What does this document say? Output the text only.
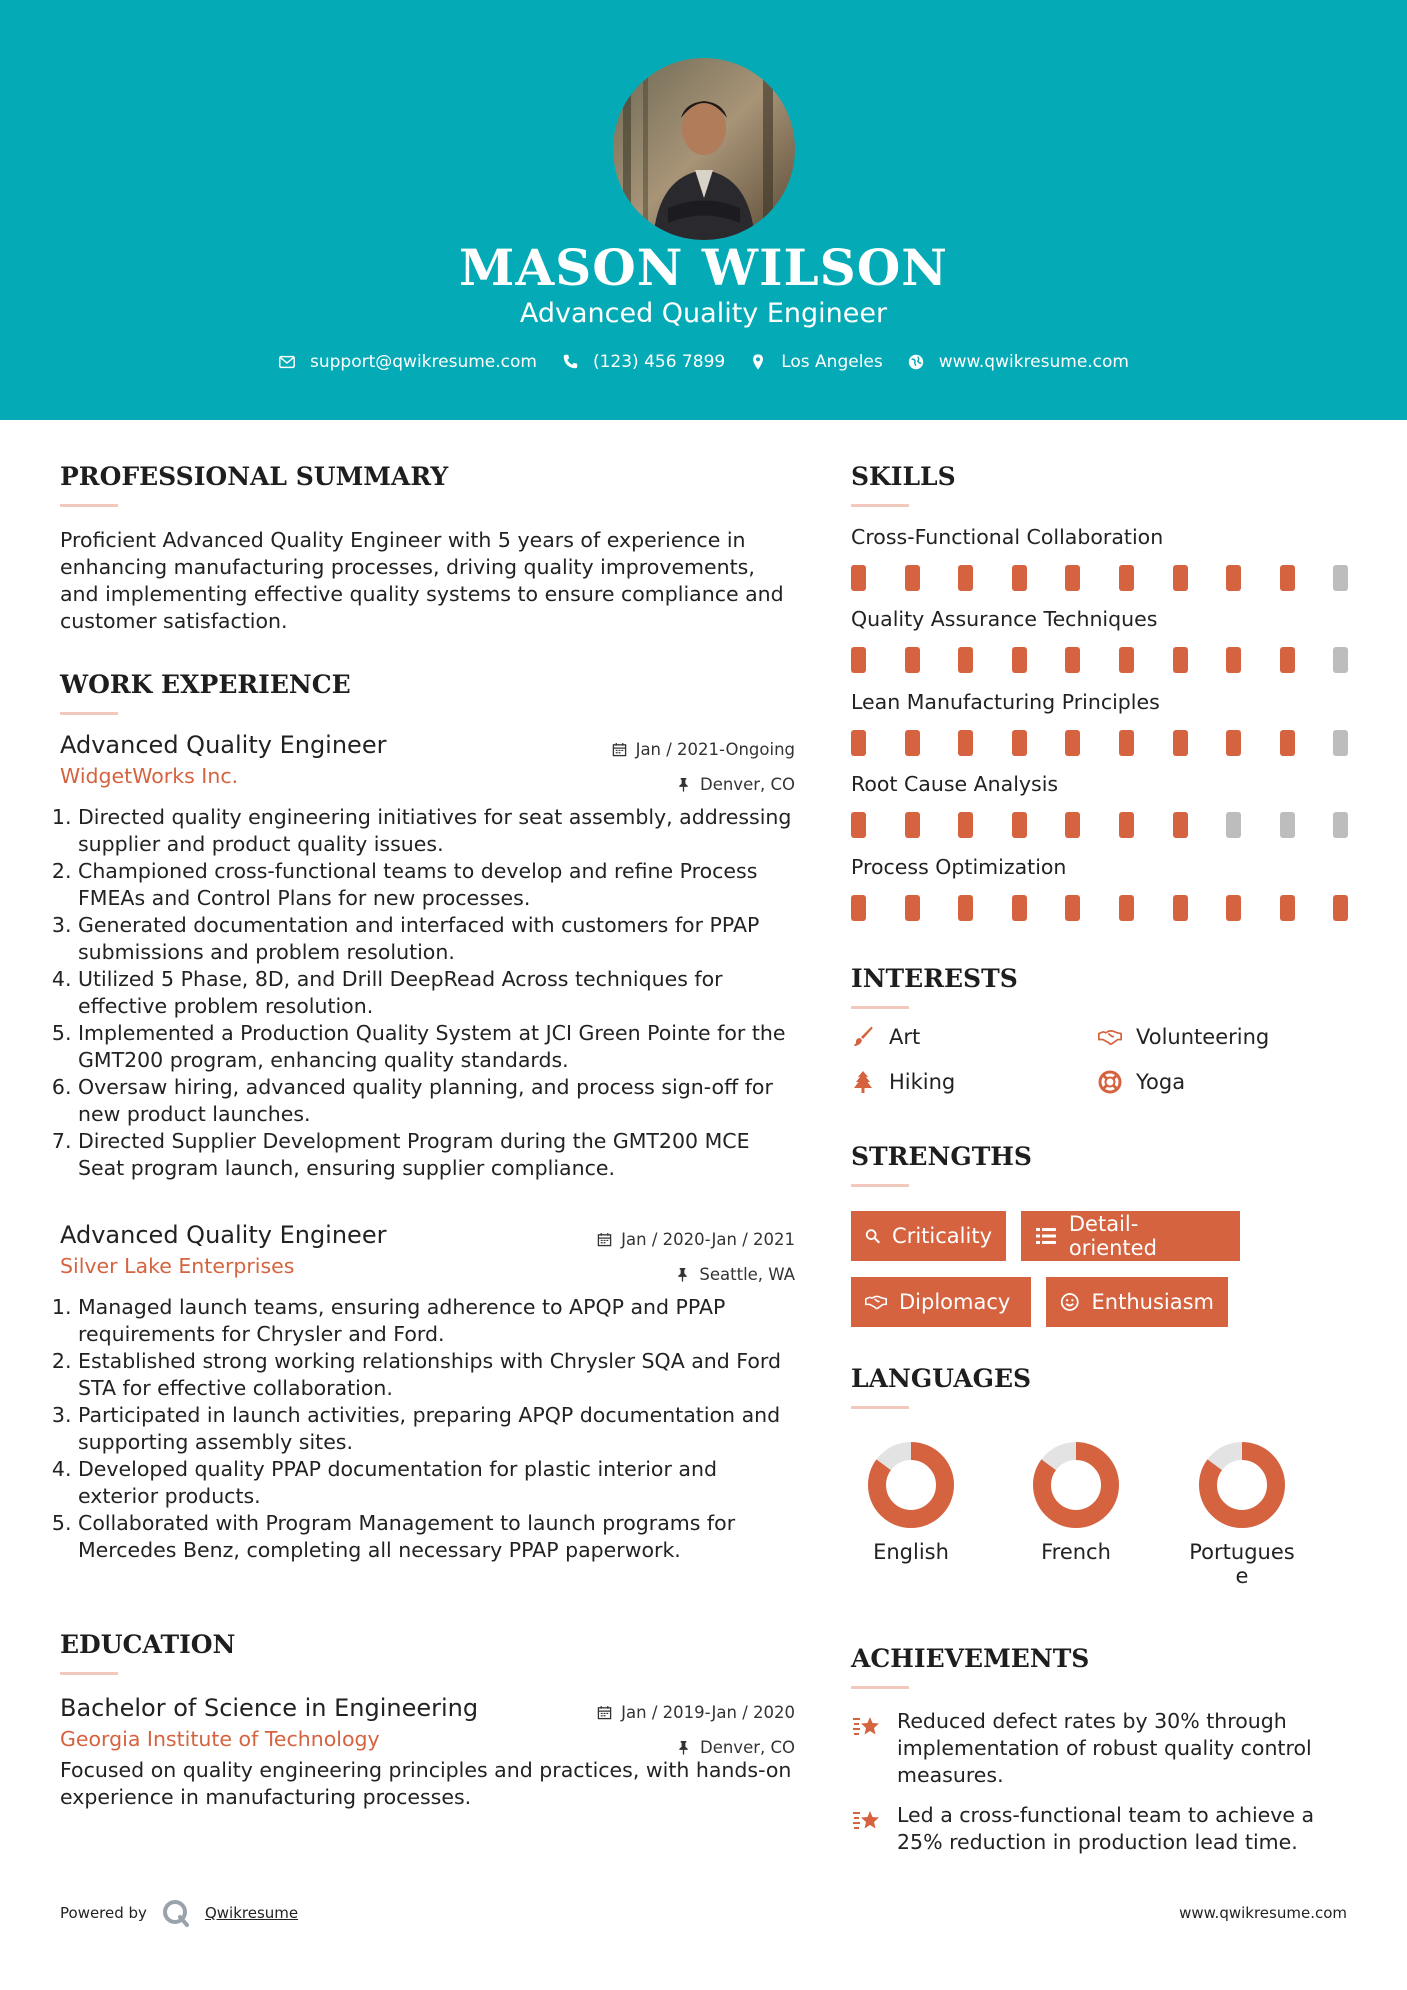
MASON WILSON
Advanced Quality Engineer
support@qwikresume.com	(123) 456 7899	Los Angeles	www.qwikresume.com
PROFESSIONAL SUMMARY
Proficient Advanced Quality Engineer with 5 years of experience in enhancing manufacturing processes, driving quality improvements, and implementing effective quality systems to ensure compliance and customer satisfaction.
WORK EXPERIENCE
Advanced Quality Engineer	Jan / 2021-Ongoing
WidgetWorks Inc.	Denver, CO
1. Directed quality engineering initiatives for seat assembly, addressing supplier and product quality issues.
2. Championed cross-functional teams to develop and refine Process FMEAs and Control Plans for new processes.
3. Generated documentation and interfaced with customers for PPAP submissions and problem resolution.
4. Utilized 5 Phase, 8D, and Drill DeepRead Across techniques for effective problem resolution.
5. Implemented a Production Quality System at JCI Green Pointe for the GMT200 program, enhancing quality standards.
6. Oversaw hiring, advanced quality planning, and process sign-off for new product launches.
7. Directed Supplier Development Program during the GMT200 MCE Seat program launch, ensuring supplier compliance.
Advanced Quality Engineer	Jan / 2020-Jan / 2021
Silver Lake Enterprises	Seattle, WA
1. Managed launch teams, ensuring adherence to APQP and PPAP requirements for Chrysler and Ford.
2. Established strong working relationships with Chrysler SQA and Ford STA for effective collaboration.
3. Participated in launch activities, preparing APQP documentation and supporting assembly sites.
4. Developed quality PPAP documentation for plastic interior and exterior products.
5. Collaborated with Program Management to launch programs for Mercedes Benz, completing all necessary PPAP paperwork.
EDUCATION
Bachelor of Science in Engineering	Jan / 2019-Jan / 2020
Georgia Institute of Technology	Denver, CO
Focused on quality engineering principles and practices, with hands-on experience in manufacturing processes.
SKILLS
Cross-Functional Collaboration
Quality Assurance Techniques
Lean Manufacturing Principles
Root Cause Analysis
Process Optimization
INTERESTS
Art	Volunteering
Hiking	Yoga
STRENGTHS
Criticality	Detail-oriented
Diplomacy	Enthusiasm
LANGUAGES
English	French	Portugues e
ACHIEVEMENTS
Reduced defect rates by 30% through implementation of robust quality control measures.
Led a cross-functional team to achieve a 25% reduction in production lead time.
Powered by	Qwikresume	www.qwikresume.com
